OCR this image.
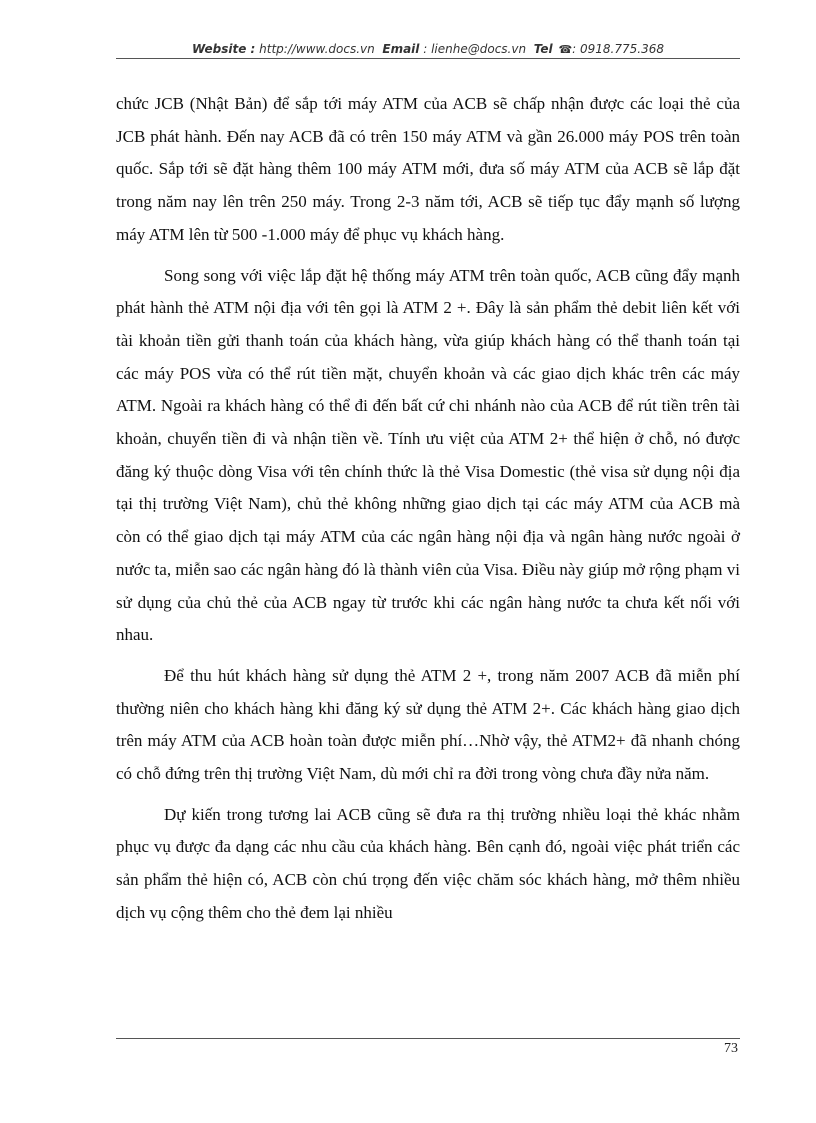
Website : http://www.docs.vn Email : lienhe@docs.vn Tel ☎: 0918.775.368

chức JCB (Nhật Bản) để sắp tới máy ATM của ACB sẽ chấp nhận được các loại thẻ của JCB phát hành. Đến nay ACB đã có trên 150 máy ATM và gần 26.000 máy POS trên toàn quốc. Sắp tới sẽ đặt hàng thêm 100 máy ATM mới, đưa số máy ATM của ACB sẽ lắp đặt trong năm nay lên trên 250 máy. Trong 2-3 năm tới, ACB sẽ tiếp tục đẩy mạnh số lượng máy ATM lên từ 500 -1.000 máy để phục vụ khách hàng.

Song song với việc lắp đặt hệ thống máy ATM trên toàn quốc, ACB cũng đẩy mạnh phát hành thẻ ATM nội địa với tên gọi là ATM 2 +. Đây là sản phẩm thẻ debit liên kết với tài khoản tiền gửi thanh toán của khách hàng, vừa giúp khách hàng có thể thanh toán tại các máy POS vừa có thể rút tiền mặt, chuyển khoản và các giao dịch khác trên các máy ATM. Ngoài ra khách hàng có thể đi đến bất cứ chi nhánh nào của ACB để rút tiền trên tài khoản, chuyển tiền đi và nhận tiền về. Tính ưu việt của ATM 2+ thể hiện ở chỗ, nó được đăng ký thuộc dòng Visa với tên chính thức là thẻ Visa Domestic (thẻ visa sử dụng nội địa tại thị trường Việt Nam), chủ thẻ không những giao dịch tại các máy ATM của ACB mà còn có thể giao dịch tại máy ATM của các ngân hàng nội địa và ngân hàng nước ngoài ở nước ta, miễn sao các ngân hàng đó là thành viên của Visa. Điều này giúp mở rộng phạm vi sử dụng của chủ thẻ của ACB ngay từ trước khi các ngân hàng nước ta chưa kết nối với nhau.

Để thu hút khách hàng sử dụng thẻ ATM 2 +, trong năm 2007 ACB đã miễn phí thường niên cho khách hàng khi đăng ký sử dụng thẻ ATM 2+. Các khách hàng giao dịch trên máy ATM của ACB hoàn toàn được miễn phí…Nhờ vậy, thẻ ATM2+ đã nhanh chóng có chỗ đứng trên thị trường Việt Nam, dù mới chỉ ra đời trong vòng chưa đầy nửa năm.

Dự kiến trong tương lai ACB cũng sẽ đưa ra thị trường nhiều loại thẻ khác nhằm phục vụ được đa dạng các nhu cầu của khách hàng. Bên cạnh đó, ngoài việc phát triển các sản phẩm thẻ hiện có, ACB còn chú trọng đến việc chăm sóc khách hàng, mở thêm nhiều dịch vụ cộng thêm cho thẻ đem lại nhiều

73
